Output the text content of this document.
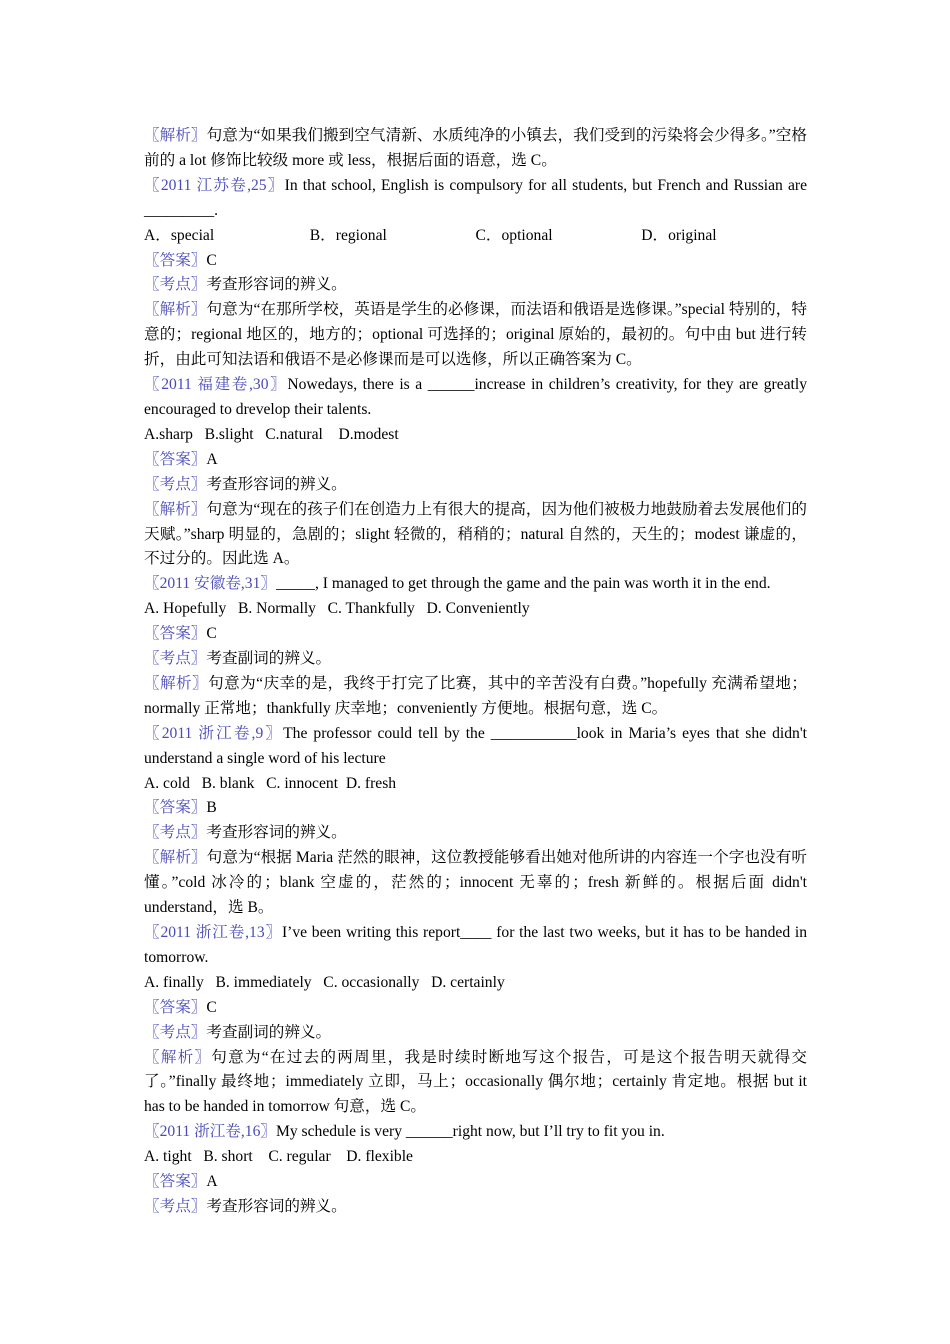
〖解析〗句意为“如果我们搬到空气清新、水质纯净的小镇去，我们受到的污染将会少得多。”空格前的 a lot 修饰比较级 more 或 less，根据后面的语意，选 C。
〖2011 江苏卷,25〗In that school, English is compulsory for all students, but French and Russian are _________.
A．special	B．regional	C．optional	D．original
〖答案〗C
〖考点〗考查形容词的辨义。
〖解析〗句意为“在那所学校，英语是学生的必修课，而法语和俄语是选修课。”special 特别的，特意的；regional 地区的，地方的；optional 可选择的；original 原始的，最初的。句中由 but 进行转折，由此可知法语和俄语不是必修课而是可以选修，所以正确答案为 C。
〖2011 福建卷,30〗Nowedays, there is a ______increase in children’s creativity, for they are greatly encouraged to drevelop their talents.
A.sharp   B.slight   C.natural    D.modest
〖答案〗A
〖考点〗考查形容词的辨义。
〖解析〗句意为“现在的孩子们在创造力上有很大的提高，因为他们被极力地鼓励着去发展他们的天赋。”sharp 明显的，急剧的；slight 轻微的，稍稍的；natural 自然的，天生的；modest 谦虚的，不过分的。因此选 A。
〖2011 安徽卷,31〗_____, I managed to get through the game and the pain was worth it in the end.
A. Hopefully   B. Normally   C. Thankfully   D. Conveniently
〖答案〗C
〖考点〗考查副词的辨义。
〖解析〗句意为“庆幸的是，我终于打完了比赛，其中的辛苦没有白费。”hopefully 充满希望地；normally 正常地；thankfully 庆幸地；conveniently 方便地。根据句意，选 C。
〖2011 浙江卷,9〗The professor could tell by the ___________look in Maria’s eyes that she didn't understand a single word of his lecture
A. cold   B. blank   C. innocent  D. fresh
〖答案〗B
〖考点〗考查形容词的辨义。
〖解析〗句意为“根据 Maria 茫然的眼神，这位教授能够看出她对他所讲的内容连一个字也没有听懂。”cold 冰冷的；blank 空虚的，茫然的；innocent 无辜的；fresh 新鲜的。根据后面 didn't understand，选 B。
〖2011 浙江卷,13〗I’ve been writing this report____ for the last two weeks, but it has to be handed in tomorrow.
A. finally   B. immediately   C. occasionally   D. certainly
〖答案〗C
〖考点〗考查副词的辨义。
〖解析〗句意为“在过去的两周里，我是时续时断地写这个报告，可是这个报告明天就得交了。”finally 最终地；immediately 立即，马上；occasionally 偶尔地；certainly 肯定地。根据 but it has to be handed in tomorrow 句意，选 C。
〖2011 浙江卷,16〗My schedule is very ______right now, but I’ll try to fit you in.
A. tight   B. short    C. regular    D. flexible
〖答案〗A
〖考点〗考查形容词的辨义。
